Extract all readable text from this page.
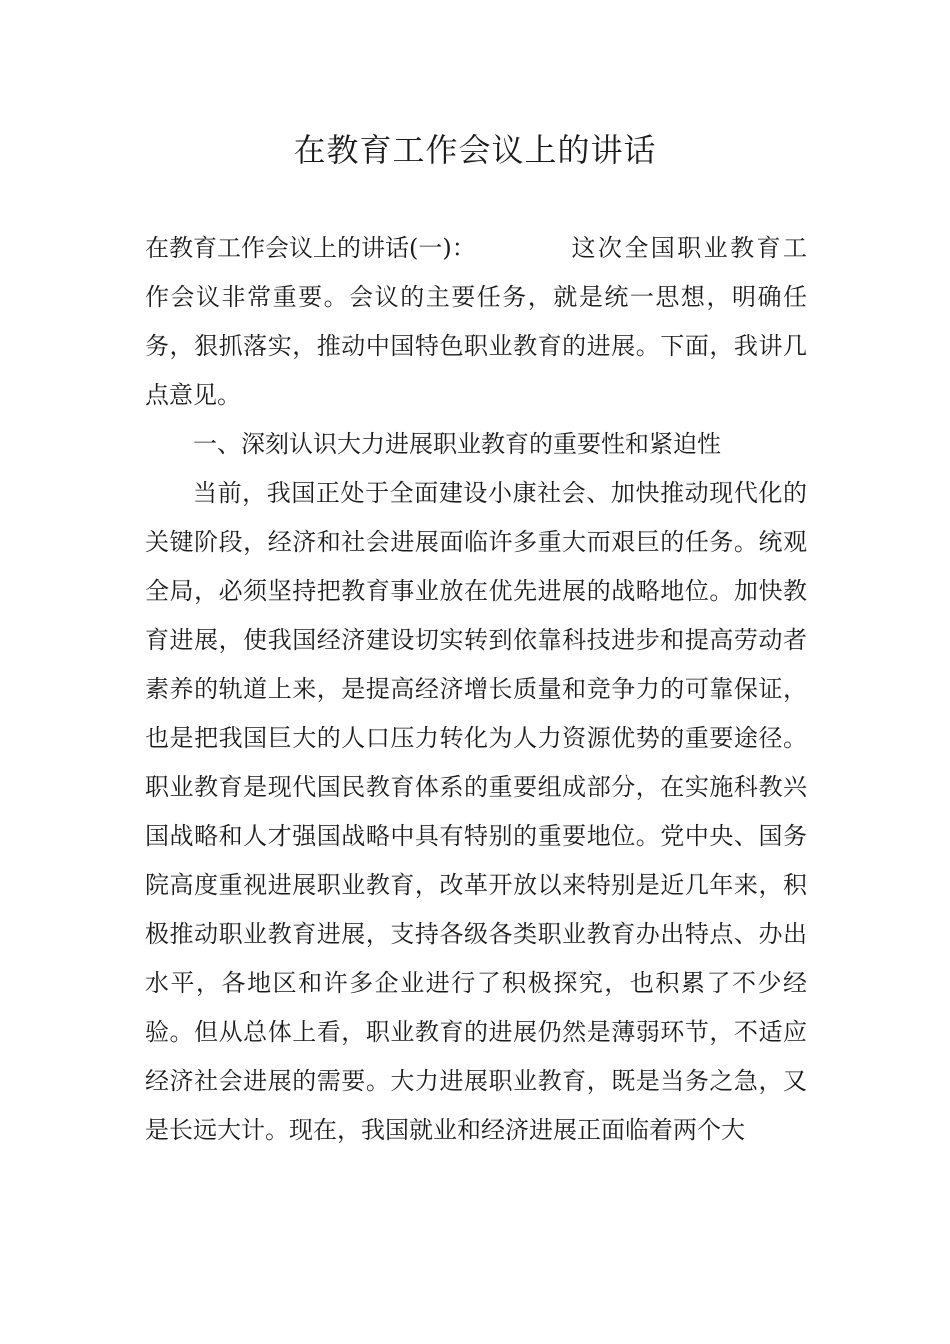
在教育工作会议上的讲话

在教育工作会议上的讲话(一)：	这次全国职业教育工作会议非常重要。会议的主要任务，就是统一思想，明确任务，狠抓落实，推动中国特色职业教育的进展。下面，我讲几点意见。

一、深刻认识大力进展职业教育的重要性和紧迫性

当前，我国正处于全面建设小康社会、加快推动现代化的关键阶段，经济和社会进展面临许多重大而艰巨的任务。统观全局，必须坚持把教育事业放在优先进展的战略地位。加快教育进展，使我国经济建设切实转到依靠科技进步和提高劳动者素养的轨道上来，是提高经济增长质量和竞争力的可靠保证，也是把我国巨大的人口压力转化为人力资源优势的重要途径。职业教育是现代国民教育体系的重要组成部分，在实施科教兴国战略和人才强国战略中具有特别的重要地位。党中央、国务院高度重视进展职业教育，改革开放以来特别是近几年来，积极推动职业教育进展，支持各级各类职业教育办出特点、办出水平，各地区和许多企业进行了积极探究，也积累了不少经验。但从总体上看，职业教育的进展仍然是薄弱环节，不适应经济社会进展的需要。大力进展职业教育，既是当务之急，又是长远大计。现在，我国就业和经济进展正面临着两个大
